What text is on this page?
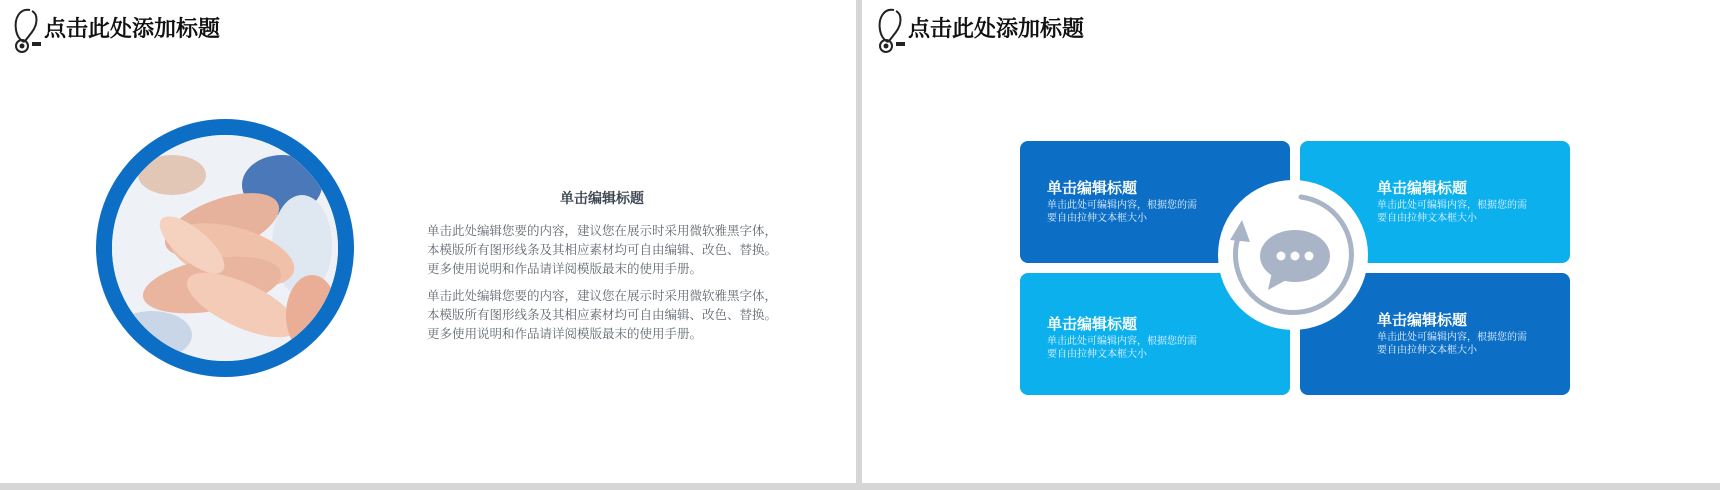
点击此处添加标题
单击编辑标题

单击此处编辑您要的内容，建议您在展示时采用微软雅黑字体，
本模版所有图形线条及其相应素材均可自由编辑、改色、替换。
更多使用说明和作品请详阅模版最末的使用手册。

单击此处编辑您要的内容，建议您在展示时采用微软雅黑字体，
本模版所有图形线条及其相应素材均可自由编辑、改色、替换。
更多使用说明和作品请详阅模版最末的使用手册。

点击此处添加标题
单击编辑标题
单击此处可编辑内容，根据您的需
要自由拉伸文本框大小
单击编辑标题
单击此处可编辑内容，根据您的需
要自由拉伸文本框大小
单击编辑标题
单击此处可编辑内容，根据您的需
要自由拉伸文本框大小
单击编辑标题
单击此处可编辑内容，根据您的需
要自由拉伸文本框大小
